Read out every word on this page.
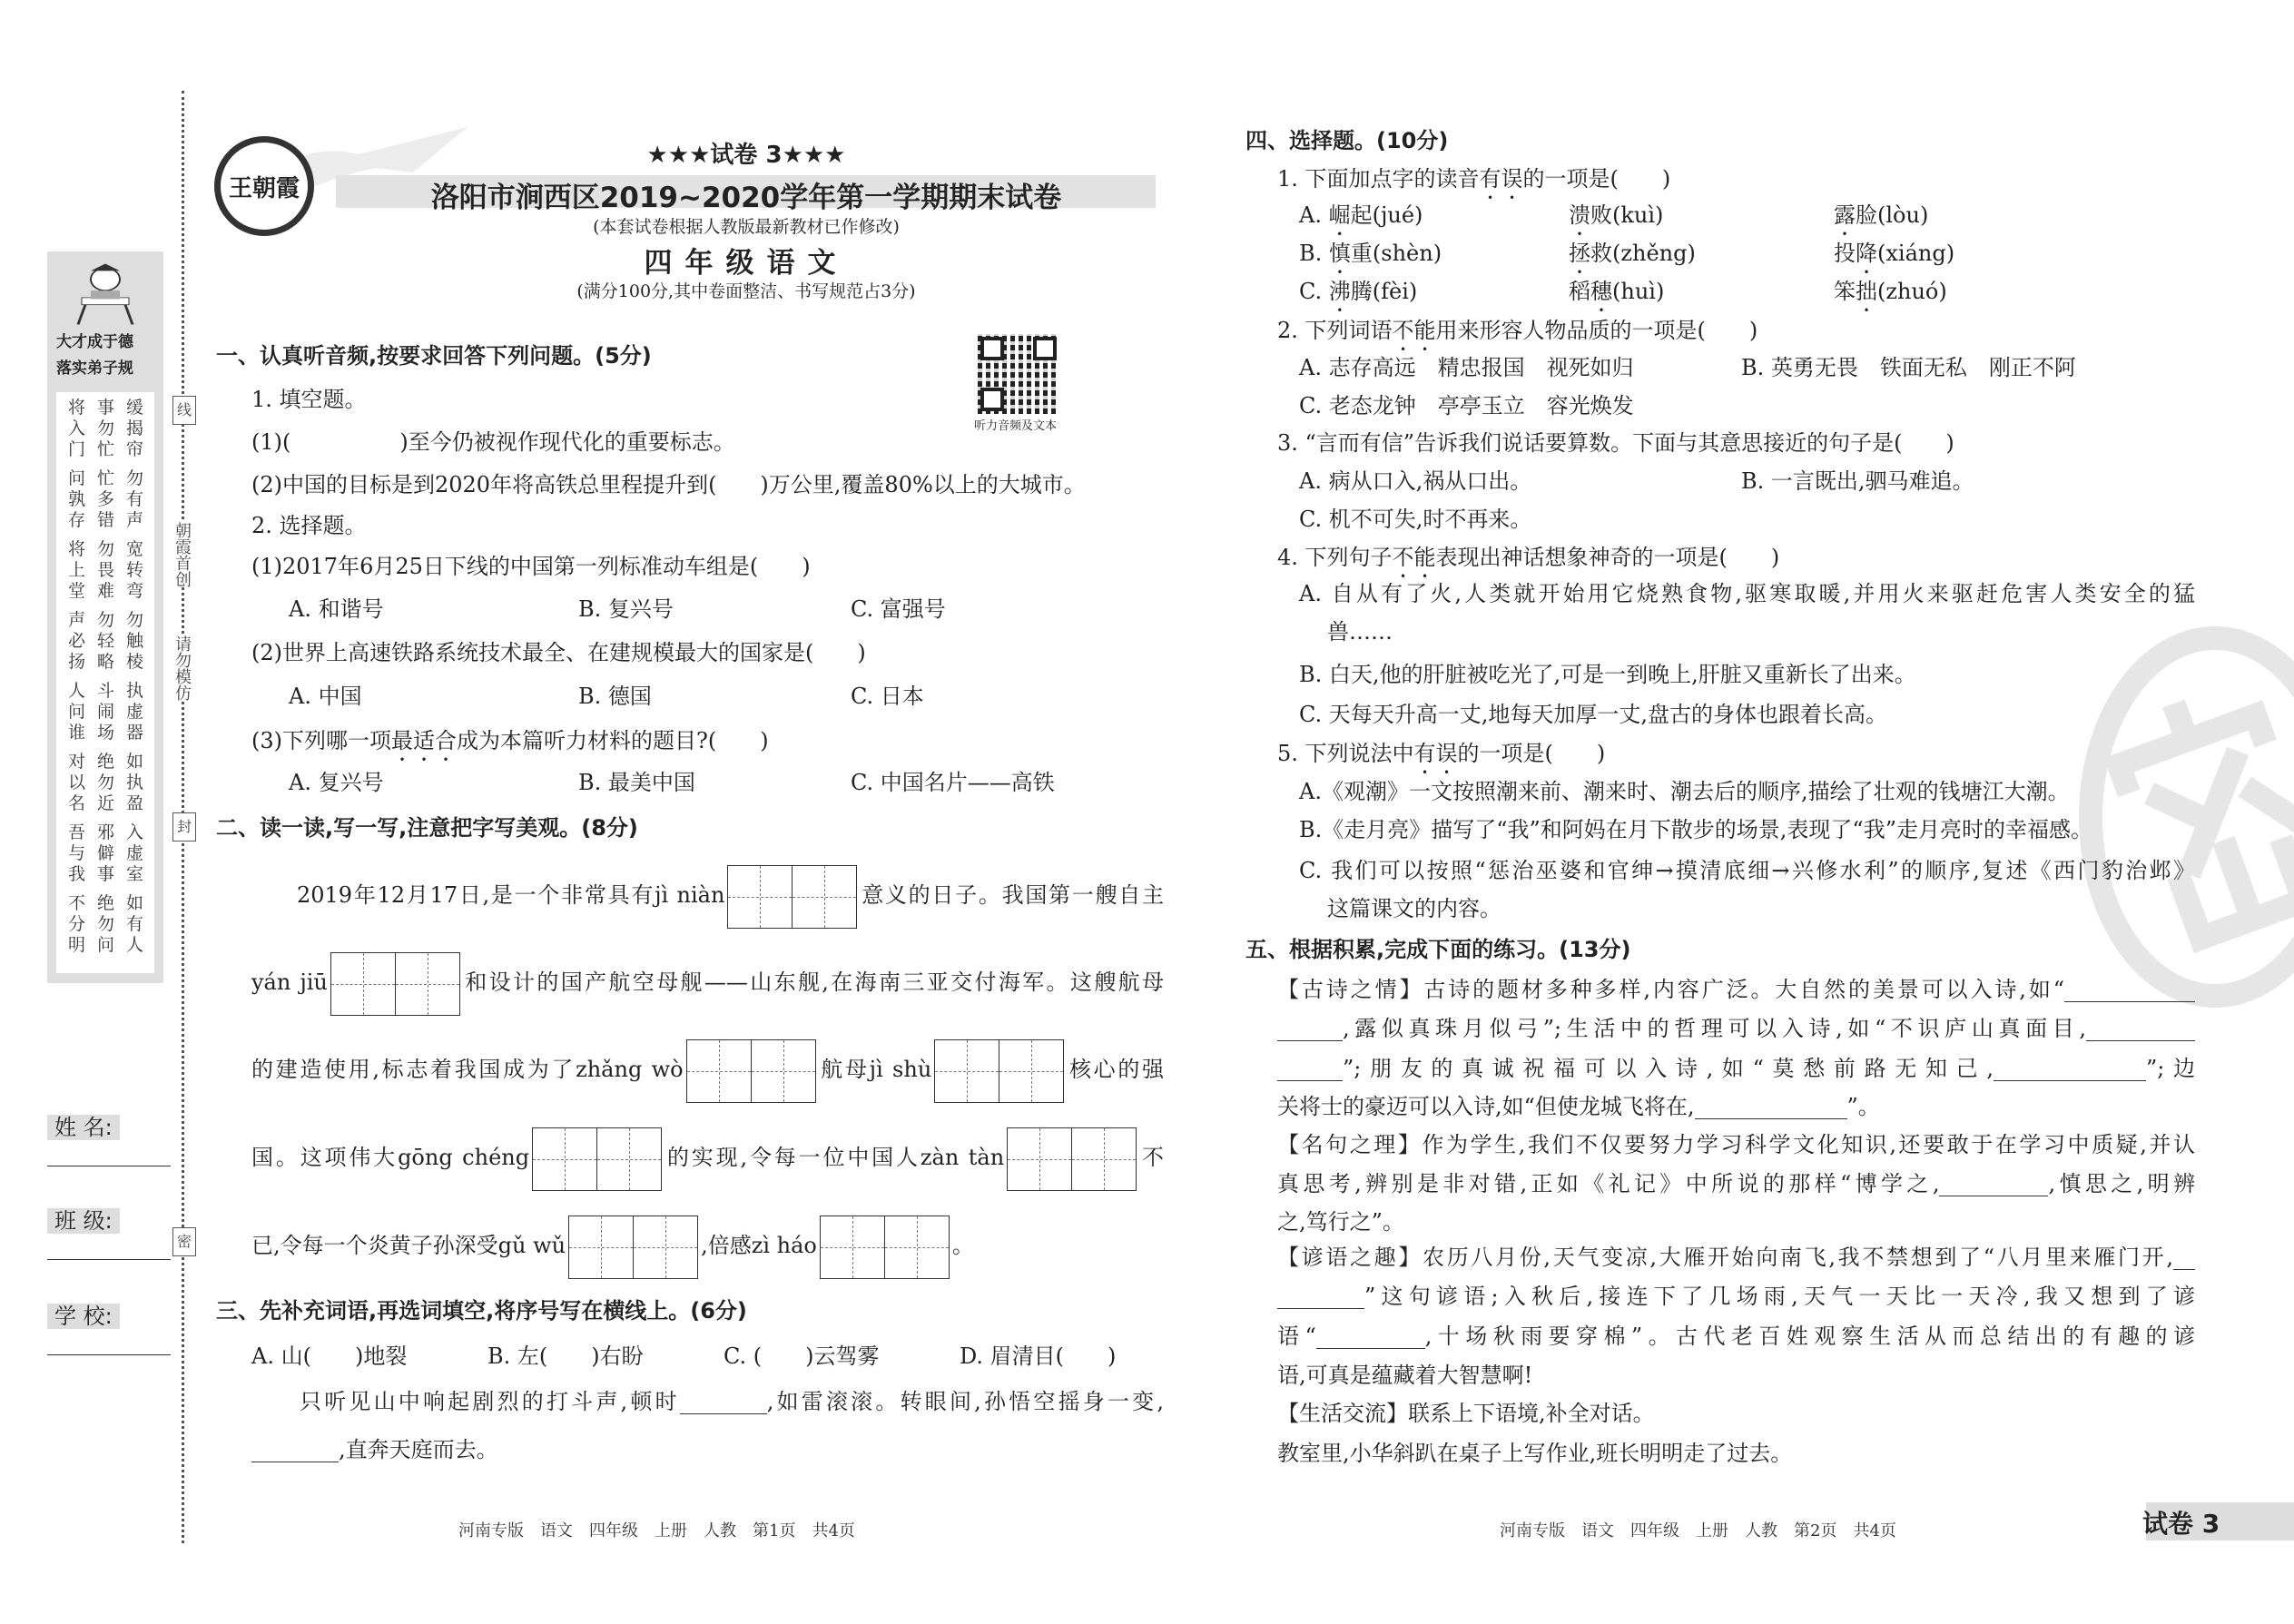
线
封
密
朝霞首创
请勿模仿
大才成于德
落实弟子规
将事缓
入勿揭
门忙帘
问忙勿
孰多有
存错声
将勿宽
上畏转
堂难弯
声勿勿
必轻触
扬略棱
人斗执
问闹虚
谁场器
对绝如
以勿执
名近盈
吾邪入
与僻虚
我事室
不绝如
分勿有
明问人
姓 名:
班 级:
学 校:
王朝霞
★★★试卷 3★★★
洛阳市涧西区2019~2020学年第一学期期末试卷
(本套试卷根据人教版最新教材已作修改)
四年级语文
(满分100分,其中卷面整洁、书写规范占3分)
听力音频及文本
一、认真听音频,按要求回答下列问题。(5分)
1. 填空题。
(1)(　　　　　)至今仍被视作现代化的重要标志。
(2)中国的目标是到2020年将高铁总里程提升到(　　)万公里,覆盖80%以上的大城市。
2. 选择题。
(1)2017年6月25日下线的中国第一列标准动车组是(　　)
(2)世界上高速铁路系统技术最全、在建规模最大的国家是(　　)
(3)下列哪一项最适合成为本篇听力材料的题目?(　　)
二、读一读,写一写,注意把字写美观。(8分)
2019年12月17日,是一个非常具有jì niàn	意义的日子。我国第一艘自主
yán jiū	和设计的国产航空母舰——山东舰,在海南三亚交付海军。这艘航母
的建造使用,标志着我国成为了zhǎng wò	航母jì shù	核心的强
国。这项伟大gōng chéng	的实现,令每一位中国人zàn tàn	不
已,令每一个炎黄子孙深受gǔ wǔ	,倍感zì háo	。
三、先补充词语,再选词填空,将序号写在横线上。(6分)
只听见山中响起剧烈的打斗声,顿时　　　　	,如雷滚滚。转眼间,孙悟空摇身一变,
　　　　,直奔天庭而去。
河南专版　语文　四年级　上册　人教　第1页　共4页
四、选择题。(10分)
1. 下面加点字的读音有误的一项是(　　)
2. 下列词语不能用来形容人物品质的一项是(　　)
3. “言而有信”告诉我们说话要算数。下面与其意思接近的句子是(　　)
4. 下列句子不能表现出神话想象神奇的一项是(　　)
A. 自从有了火,人类就开始用它烧熟食物,驱寒取暖,并用火来驱赶危害人类安全的猛
兽……
B. 白天,他的肝脏被吃光了,可是一到晚上,肝脏又重新长了出来。
C. 天每天升高一丈,地每天加厚一丈,盘古的身体也跟着长高。
5. 下列说法中有误的一项是(　　)
A.《观潮》一文按照潮来前、潮来时、潮去后的顺序,描绘了壮观的钱塘江大潮。
B.《走月亮》描写了“我”和阿妈在月下散步的场景,表现了“我”走月亮时的幸福感。
C. 我们可以按照“惩治巫婆和官绅→摸清底细→兴修水利”的顺序,复述《西门豹治邺》
这篇课文的内容。
五、根据积累,完成下面的练习。(13分)
【古诗之情】古诗的题材多种多样,内容广泛。大自然的美景可以入诗,如“　　　　　　
　　　,露似真珠月似弓”;生活中的哲理可以入诗,如“不识庐山真面目,　　　　　
　　　”;朋友的真诚祝福可以入诗,如“莫愁前路无知己,　　　　　　　	”;边
关将士的豪迈可以入诗,如“但使龙城飞将在,　　　　　　　	”。
【名句之理】作为学生,我们不仅要努力学习科学文化知识,还要敢于在学习中质疑,并认
真思考,辨别是非对错,正如《礼记》中所说的那样“博学之,　　　　　	,慎思之,明辨
之,笃行之”。
【谚语之趣】农历八月份,天气变凉,大雁开始向南飞,我不禁想到了“八月里来雁门开,　
　　　　”这句谚语;入秋后,接连下了几场雨,天气一天比一天冷,我又想到了谚
语“　　　　　	,十场秋雨要穿棉”。古代老百姓观察生活从而总结出的有趣的谚
语,可真是蕴藏着大智慧啊!
【生活交流】联系上下语境,补全对话。
教室里,小华斜趴在桌子上写作业,班长明明走了过去。
河南专版　语文　四年级　上册　人教　第2页　共4页	试卷 3
A. 和谐号	B. 复兴号	C. 富强号
A. 中国	B. 德国	C. 日本
A. 复兴号	B. 最美中国	C. 中国名片——高铁
A. 山(　　)地裂	B. 左(　　)右盼	C. (　　)云驾雾	D. 眉清目(　　)
A. 崛起(jué)	溃败(kuì)	露脸(lòu)
B. 慎重(shèn)	拯救(zhěng)	投降(xiáng)
C. 沸腾(fèi)	稻穗(huì)	笨拙(zhuó)
A. 志存高远　精忠报国　视死如归	B. 英勇无畏　铁面无私　刚正不阿
C. 老态龙钟　亭亭玉立　容光焕发
A. 病从口入,祸从口出。	B. 一言既出,驷马难追。
C. 机不可失,时不再来。
